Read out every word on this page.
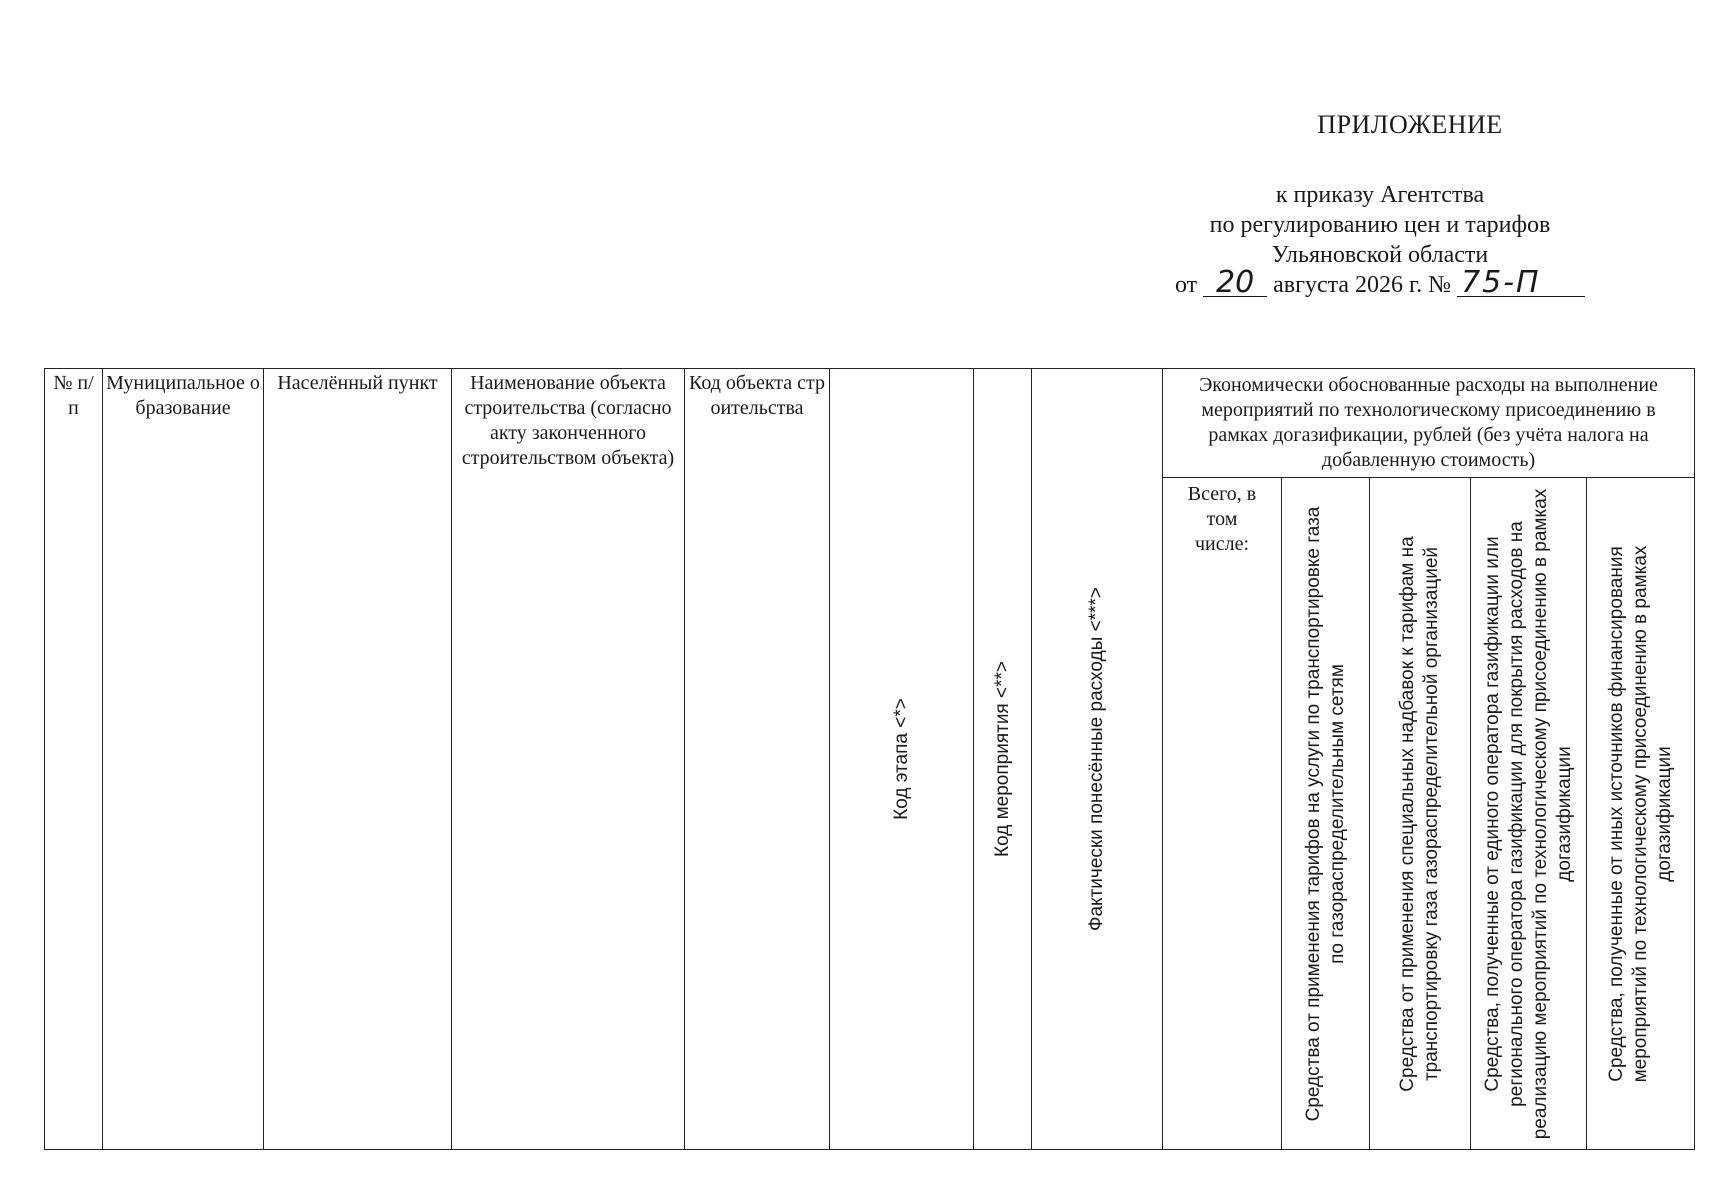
ПРИЛОЖЕНИЕ
к приказу Агентства
по регулированию цен и тарифов
Ульяновской области
от 20 августа 2026 г. № 75-П
№ п/п	Муниципальное образование	Населённый пункт	Наименование объекта строительства (согласно акту законченного строительством объекта)	Код объекта строительства	Код этапа <*>	Код мероприятия <**>	Фактически понесённые расходы <***>	Экономически обоснованные расходы на выполнение мероприятий по технологическому присоединению в рамках догазификации, рублей (без учёта налога на добавленную стоимость)				
								Всего, в том числе:	Средства от применения тарифов на услуги по транспортировке газа по газораспределительным сетям	Средства от применения специальных надбавок к тарифам на транспортировку газа газораспределительной организацией	Средства, полученные от единого оператора газификации или регионального оператора газификации для покрытия расходов на реализацию мероприятий по технологическому присоединению в рамках догазификации	Средства, полученные от иных источников финансирования мероприятий по технологическому присоединению в рамках догазификации
